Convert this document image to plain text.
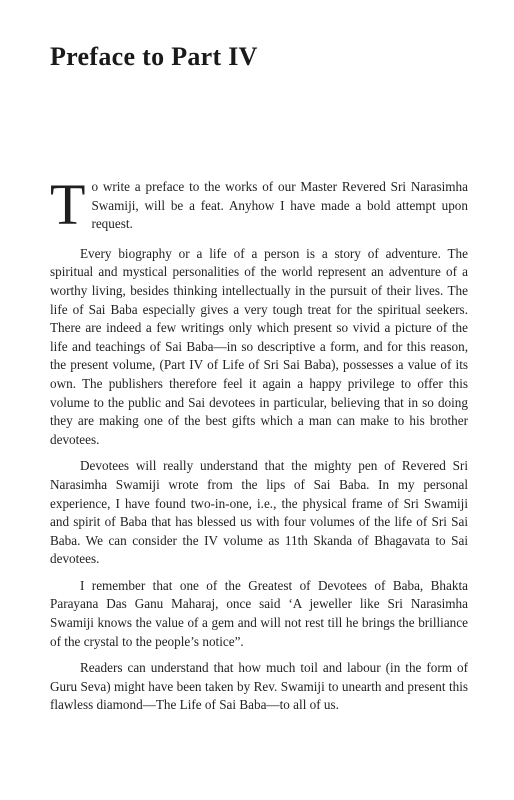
Preface to Part IV

To write a preface to the works of our Master Revered Sri Narasimha Swamiji, will be a feat. Anyhow I have made a bold attempt upon request.

Every biography or a life of a person is a story of adventure. The spiritual and mystical personalities of the world represent an adventure of a worthy living, besides thinking intellectually in the pursuit of their lives. The life of Sai Baba especially gives a very tough treat for the spiritual seekers. There are indeed a few writings only which present so vivid a picture of the life and teachings of Sai Baba—in so descriptive a form, and for this reason, the present volume, (Part IV of Life of Sri Sai Baba), possesses a value of its own. The publishers therefore feel it again a happy privilege to offer this volume to the public and Sai devotees in particular, believing that in so doing they are making one of the best gifts which a man can make to his brother devotees.

Devotees will really understand that the mighty pen of Revered Sri Narasimha Swamiji wrote from the lips of Sai Baba. In my personal experience, I have found two-in-one, i.e., the physical frame of Sri Swamiji and spirit of Baba that has blessed us with four volumes of the life of Sri Sai Baba. We can consider the IV volume as 11th Skanda of Bhagavata to Sai devotees.

I remember that one of the Greatest of Devotees of Baba, Bhakta Parayana Das Ganu Maharaj, once said ‘A jeweller like Sri Narasimha Swamiji knows the value of a gem and will not rest till he brings the brilliance of the crystal to the people’s notice”.

Readers can understand that how much toil and labour (in the form of Guru Seva) might have been taken by Rev. Swamiji to unearth and present this flawless diamond—The Life of Sai Baba—to all of us.
